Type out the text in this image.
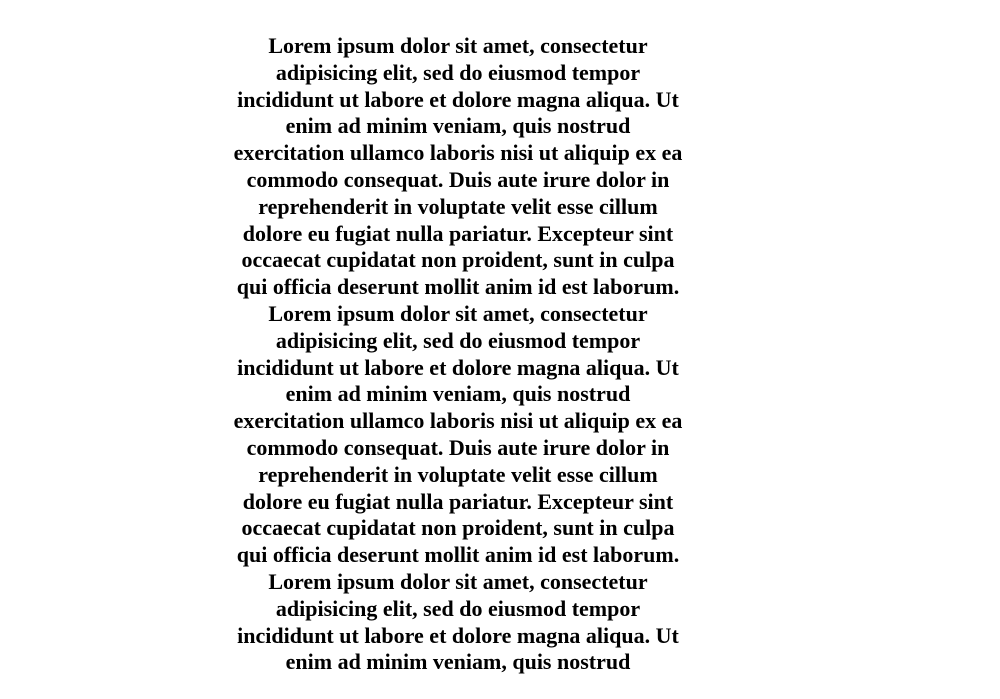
Lorem ipsum dolor sit amet, consectetur
adipisicing elit, sed do eiusmod tempor
incididunt ut labore et dolore magna aliqua. Ut
enim ad minim veniam, quis nostrud
exercitation ullamco laboris nisi ut aliquip ex ea
commodo consequat. Duis aute irure dolor in
reprehenderit in voluptate velit esse cillum
dolore eu fugiat nulla pariatur. Excepteur sint
occaecat cupidatat non proident, sunt in culpa
qui officia deserunt mollit anim id est laborum.
Lorem ipsum dolor sit amet, consectetur
adipisicing elit, sed do eiusmod tempor
incididunt ut labore et dolore magna aliqua. Ut
enim ad minim veniam, quis nostrud
exercitation ullamco laboris nisi ut aliquip ex ea
commodo consequat. Duis aute irure dolor in
reprehenderit in voluptate velit esse cillum
dolore eu fugiat nulla pariatur. Excepteur sint
occaecat cupidatat non proident, sunt in culpa
qui officia deserunt mollit anim id est laborum.
Lorem ipsum dolor sit amet, consectetur
adipisicing elit, sed do eiusmod tempor
incididunt ut labore et dolore magna aliqua. Ut
enim ad minim veniam, quis nostrud
